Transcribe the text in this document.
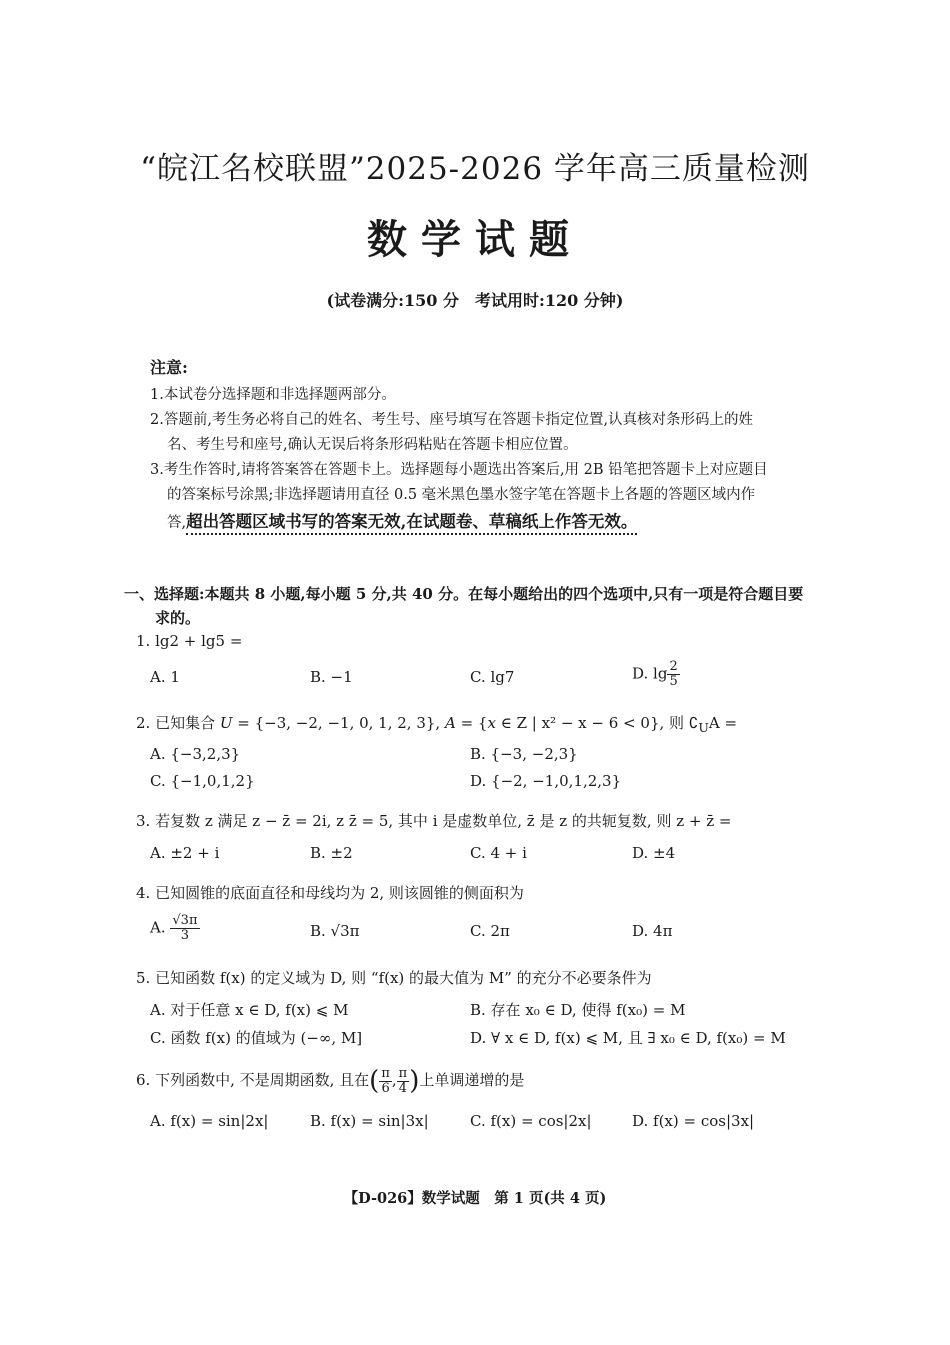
“皖江名校联盟”2025-2026 学年高三质量检测
数学试题
(试卷满分:150 分　考试用时:120 分钟)
注意:
1.本试卷分选择题和非选择题两部分。
2.答题前,考生务必将自己的姓名、考生号、座号填写在答题卡指定位置,认真核对条形码上的姓
名、考生号和座号,确认无误后将条形码粘贴在答题卡相应位置。
3.考生作答时,请将答案答在答题卡上。选择题每小题选出答案后,用 2B 铅笔把答题卡上对应题目
的答案标号涂黑;非选择题请用直径 0.5 毫米黑色墨水签字笔在答题卡上各题的答题区域内作
答,超出答题区域书写的答案无效,在试题卷、草稿纸上作答无效。
一、选择题:本题共 8 小题,每小题 5 分,共 40 分。在每小题给出的四个选项中,只有一项是符合题目要
求的。
1. lg2 + lg5 =
A. 1	B. −1	C. lg7	D. $\lg \frac{2}{5}$
2. 已知集合 U = {−3, −2, −1, 0, 1, 2, 3}, A = {x ∈ Z | x² − x − 6 < 0}, 则 $∁_UA$ =
A. {−3,2,3}	B. {−3, −2,3}
C. {−1,0,1,2}	D. {−2, −1,0,1,2,3}
3. 若复数 z 满足 z − z̄ = 2i, z z̄ = 5, 其中 i 是虚数单位, z̄ 是 z 的共轭复数, 则 z + z̄ =
A. ±2 + i	B. ±2	C. 4 + i	D. ±4
4. 已知圆锥的底面直径和母线均为 2, 则该圆锥的侧面积为
A. $\frac{√3\pi}{3}$	B. √3π	C. 2π	D. 4π
5. 已知函数 f(x) 的定义域为 D, 则 “f(x) 的最大值为 M” 的充分不必要条件为
A. 对于任意 x ∈ D, f(x) ⩽ M	B. 存在 x₀ ∈ D, 使得 f(x₀) = M
C. 函数 f(x) 的值域为 (−∞, M]	D. ∀ x ∈ D, f(x) ⩽ M, 且 ∃ x₀ ∈ D, f(x₀) = M
6. 下列函数中, 不是周期函数, 且在( $\frac{\pi}{6}$ , $\frac{\pi}{4}$ )上单调递增的是
A. f(x) = sin|2x|	B. f(x) = sin|3x|	C. f(x) = cos|2x|	D. f(x) = cos|3x|
【D-026】数学试题　第 1 页(共 4 页)
